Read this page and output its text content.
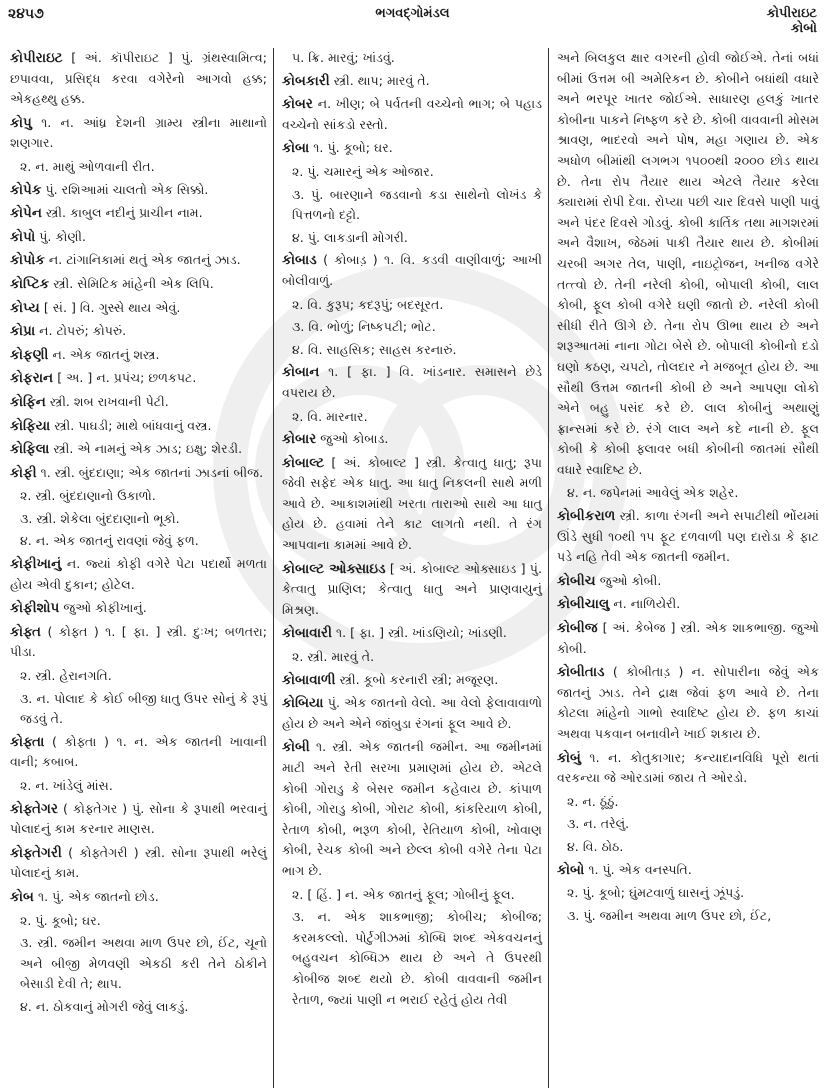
૨૪૫૭	ભગવદ્ગોમંડલ	કોપીરાઇટ
કોબો

કોપીરાઇટ [ અં. કૉપીરાઇટ ] પું. ગ્રંથસ્વામિત્વ; છપાવવા, પ્રસિદ્ધ કરવા વગેરેનો આગવો હક્ક; એકહથ્થુ હક્ક.

કોપુ ૧. ન. આંધ્ર દેશની ગ્રામ્ય સ્ત્રીના માથાનો શણગાર.

૨. ન. માથું ઓળવાની રીત.

કોપેક પું. રશિઆમાં ચાલતો એક સિક્કો.

કોપેન સ્ત્રી. કાબુલ નદીનું પ્રાચીન નામ.

કોપો પું. કોણી.

કોપોક ન. ટાંગાનિકામાં થતું એક જાતનું ઝાડ.

કોપ્ટિક સ્ત્રી. સેમિટિક માંહેની એક લિપિ.

કોપ્ય [ સં. ] વિ. ગુસ્સે થાય એવું.

કોપ્રા ન. ટોપરું; કોપરું.

કોફણી ન. એક જાતનું શસ્ત્ર.

કોફરાન [ અ. ] ન. પ્રપંચ; છળકપટ.

કોફિન સ્ત્રી. શબ રાખવાની પેટી.

કોફિયા સ્ત્રી. પાઘડી; માથે બાંધવાનું વસ્ત્ર.

કોફિલા સ્ત્રી. એ નામનું એક ઝાડ; ઇક્ષુ; શેરડી.

કોફી ૧. સ્ત્રી. બુંદદાણા; એક જાતનાં ઝાડનાં બીજ.

૨. સ્ત્રી. બુંદદાણાનો ઉકાળો.

૩. સ્ત્રી. શેકેલા બુંદદાણાનો ભૂકો.

૪. ન. એક જાતનું રાવણાં જેવું ફળ.

કોફીખાનું ન. જ્યાં કોફી વગેરે પેટા પદાર્થો મળતા હોય એવી દુકાન; હોટેલ.

કોફીશોપ જુઓ કોફીખાનું.

કોફ્ત ( કોફ્ત ) ૧. [ ફા. ] સ્ત્રી. દુઃખ; બળતરા; પીડા.

૨. સ્ત્રી. હેરાનગતિ.

૩. ન. પોલાદ કે કોઈ બીજી ધાતુ ઉપર સોનું કે રૂપું જડવું તે.

કોફ્તા ( કોફ્તા ) ૧. ન. એક જાતની ખાવાની વાની; કબાબ.

૨. ન. ખાંડેલું માંસ.

કોફ્તેગર ( કોફ્તેગર ) પું. સોના કે રૂપાથી ભરવાનું પોલાદનું કામ કરનાર માણસ.

કોફ્તેગરી ( કોફ્તેગરી ) સ્ત્રી. સોના રૂપાથી ભરેલું પોલાદનું કામ.

કોબ ૧. પું. એક જાતનો છોડ.

૨. પું. કૂબો; ઘર.

૩. સ્ત્રી. જમીન અથવા માળ ઉપર છો, ઈંટ, ચૂનો અને બીજી મેળવણી એકઠી કરી તેને ઠોકીને બેસાડી દેવી તે; થાપ.

૪. ન. ઠોકવાનું મોગરી જેવું લાકડું.

૫. ક્રિ. મારવું; ખાંડવું.

કોબકારી સ્ત્રી. થાપ; મારવું તે.

કોબર ન. ખીણ; બે પર્વતની વચ્ચેનો ભાગ; બે પહાડ વચ્ચેનો સાંકડો રસ્તો.

કોબા ૧. પું. કૂબો; ઘર.

૨. પું. ચમારનું એક ઓજાર.

૩. પું. બારણાને જડવાનો કડા સાથેનો લોખંડ કે પિત્તળનો દટ્ટો.

૪. પું. લાકડાની મોગરી.

કોબાડ ( કોબાડ઼ ) ૧. વિ. કડવી વાણીવાળું; આખી બોલીવાળું.

૨. વિ. કુરૂપ; કદરૂપું; બદસૂરત.

૩. વિ. ભોળું; નિષ્કપટી; ભોટ.

૪. વિ. સાહસિક; સાહસ કરનારું.

કોબાન ૧. [ ફા. ] વિ. ખાંડનાર. સમાસને છેડે વપરાય છે.

૨. વિ. મારનાર.

કોબાર જુઓ કોબાડ.

કોબાલ્ટ [ અં. કોબાલ્ટ ] સ્ત્રી. કેત્વાતુ ધાતુ; રૂપા જેવી સફેદ એક ધાતુ. આ ધાતુ નિકલની સાથે મળી આવે છે. આકાશમાંથી ખરતા તારાઓ સાથે આ ધાતુ હોય છે. હવામાં તેને કાટ લાગતો નથી. તે રંગ આપવાના કામમાં આવે છે.

કોબાલ્ટ ઓક્સાઇડ [ અં. કોબાલ્ટ ઓક્સાઇડ ] પું. કેત્વાતુ પ્રાણિલ; કેત્વાતુ ધાતુ અને પ્રાણવાયુનું મિશ્રણ.

કોબાવારી ૧. [ ફા. ] સ્ત્રી. ખાંડણિયો; ખાંડણી.

૨. સ્ત્રી. મારવું તે.

કોબાવાળી સ્ત્રી. કૂબો કરનારી સ્ત્રી; મજૂરણ.

કોબિયા પું. એક જાતનો વેલો. આ વેલો ફેલાવાવાળો હોય છે અને એને જાંબુડા રંગનાં ફૂલ આવે છે.

કોબી ૧. સ્ત્રી. એક જાતની જમીન. આ જમીનમાં માટી અને રેતી સરખા પ્રમાણમાં હોય છે. એટલે કોબી ગોરાડુ કે બેસર જમીન કહેવાય છે. કાંપાળ કોબી, ગોરાડુ કોબી, ગોરાટ કોબી, કાંકરિયાળ કોબી, રેતાળ કોબી, ભરૂળ કોબી, રેતિયાળ કોબી, ખોવાણ કોબી, રેચક કોબી અને છેલ્લ કોબી વગેરે તેના પેટા ભાગ છે.

૨. [ હિં. ] ન. એક જાતનું ફૂલ; ગોબીનું ફૂલ.

૩. ન. એક શાકભાજી; કોબીચ; કોબીજ; કરમકલ્લો. પોર્ટુગીઝમાં કોબ્ધિ શબ્દ એકવચનનું બહુવચન કોબ્ધિઝ થાય છે અને તે ઉપરથી કોબીજ શબ્દ થયો છે. કોબી વાવવાની જમીન રેતાળ, જ્યાં પાણી ન ભરાઈ રહેતું હોય તેવી

અને બિલકુલ ક્ષાર વગરની હોવી જોઈએ. તેનાં બધાં બીમાં ઉત્તમ બી અમેરિકન છે. કોબીને બધાંથી વધારે અને ભરપૂર ખાતર જોઈએ. સાધારણ હલકું ખાતર કોબીના પાકને નિષ્ફળ કરે છે. કોબી વાવવાની મોસમ શ્રાવણ, ભાદરવો અને પોષ, મહા ગણાય છે. એક અધોળ બીમાંથી લગભગ ૧૫૦૦થી ૨૦૦૦ છોડ થાય છે. તેના રોપ તૈયાર થાય એટલે તૈયાર કરેલા ક્યારામાં રોપી દેવા. રોપ્યા પછી ચાર દિવસે પાણી પાવું અને પંદર દિવસે ગોડવું. કોબી કાર્તિક તથા માગશરમાં અને વૈશાખ, જેઠમાં પાકી તૈયાર થાય છે. કોબીમાં ચરબી અગર તેલ, પાણી, નાઇટ્રોજન, ખનીજ વગેરે તત્ત્વો છે. તેની નરેલી કોબી, બોપાલી કોબી, લાલ કોબી, ફૂલ કોબી વગેરે ઘણી જાતો છે. નરેલી કોબી સીધી રીતે ઊગે છે. તેના રોપ ઊભા થાય છે અને શરૂઆતમાં નાના ગોટા બેસે છે. બોપાલી કોબીનો દડો ઘણો કઠણ, ચપટો, તોલદાર ને મજબૂત હોય છે. આ સૌથી ઉત્તમ જાતની કોબી છે અને આપણા લોકો એને બહુ પસંદ કરે છે. લાલ કોબીનું અથાણું ફ્રાન્સમાં કરે છે. રંગે લાલ અને કદે નાની છે. ફૂલ કોબી કે કોબી ફ્લાવર બધી કોબીની જાતમાં સૌથી વધારે સ્વાદિષ્ટ છે.

૪. ન. જપેનમાં આવેલું એક શહેર.

કોબીકરાળ સ્ત્રી. કાળા રંગની અને સપાટીથી ભોંયમાં ઊંડે સુધી ૧૦થી ૧૫ ફૂટ દળવાળી પણ દારોડા કે ફાટ પડે નહિ તેવી એક જાતની જમીન.

કોબીચ જુઓ કોબી.

કોબીચાલુ ન. નાળિયેરી.

કોબીજ [ અં. કેબેજ ] સ્ત્રી. એક શાકભાજી. જુઓ કોબી.

કોબીતાડ ( કોબીતાડ઼ ) ન. સોપારીના જેવું એક જાતનું ઝાડ. તેને દ્રાક્ષ જેવાં ફળ આવે છે. તેના કોટલા માંહેનો ગાભો સ્વાદિષ્ટ હોય છે. ફળ કાચાં અથવા પકવાન બનાવીને ખાઈ શકાય છે.

કોબું ૧. ન. કોતુકાગાર; કન્યાદાનવિધિ પૂરો થતાં વરકન્યા જે ઓરડામાં જાય તે ઓરડો.

૨. ન. ઠૂંઠું.

૩. ન. તરેલું.

૪. વિ. ઠોઠ.

કોબો ૧. પું. એક વનસ્પતિ.

૨. પું. કૂબો; ઘુંમટવાળું ઘાસનું ઝૂંપડું.

૩. પું. જમીન અથવા માળ ઉપર છો, ઈંટ,
